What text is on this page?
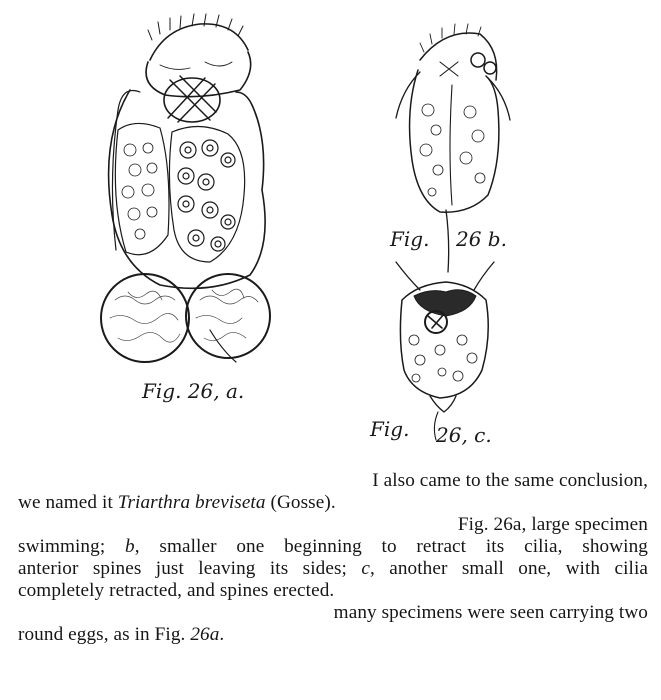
Fig. 26, a.
Fig. 26 b.
Fig. 26, c.
I also came to the same conclusion,
we named it Triarthra breviseta (Gosse).
Fig. 26a, large specimen
swimming; b, smaller one beginning to retract its cilia, showing
anterior spines just leaving its sides; c, another small one, with cilia
completely retracted, and spines erected.
many specimens were seen carrying two
round eggs, as in Fig. 26a.
